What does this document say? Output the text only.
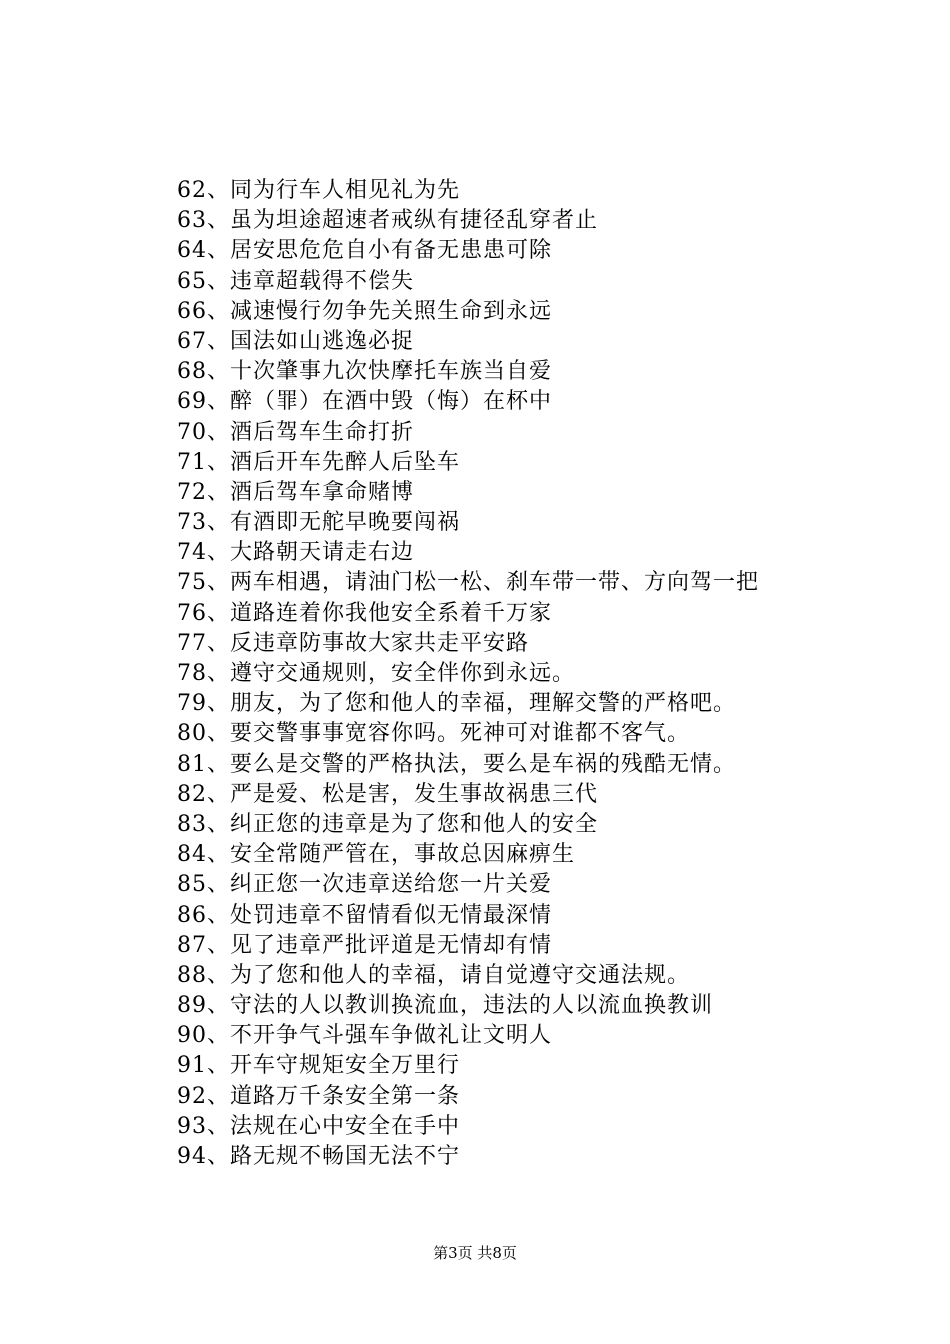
62、同为行车人相见礼为先
63、虽为坦途超速者戒纵有捷径乱穿者止
64、居安思危危自小有备无患患可除
65、违章超载得不偿失
66、减速慢行勿争先关照生命到永远
67、国法如山逃逸必捉
68、十次肇事九次快摩托车族当自爱
69、醉（罪）在酒中毁（悔）在杯中
70、酒后驾车生命打折
71、酒后开车先醉人后坠车
72、酒后驾车拿命赌博
73、有酒即无舵早晚要闯祸
74、大路朝天请走右边
75、两车相遇，请油门松一松、刹车带一带、方向驾一把
76、道路连着你我他安全系着千万家
77、反违章防事故大家共走平安路
78、遵守交通规则，安全伴你到永远。
79、朋友，为了您和他人的幸福，理解交警的严格吧。
80、要交警事事宽容你吗。死神可对谁都不客气。
81、要么是交警的严格执法，要么是车祸的残酷无情。
82、严是爱、松是害，发生事故祸患三代
83、纠正您的违章是为了您和他人的安全
84、安全常随严管在，事故总因麻痹生
85、纠正您一次违章送给您一片关爱
86、处罚违章不留情看似无情最深情
87、见了违章严批评道是无情却有情
88、为了您和他人的幸福，请自觉遵守交通法规。
89、守法的人以教训换流血，违法的人以流血换教训
90、不开争气斗强车争做礼让文明人
91、开车守规矩安全万里行
92、道路万千条安全第一条
93、法规在心中安全在手中
94、路无规不畅国无法不宁
第3页 共8页
